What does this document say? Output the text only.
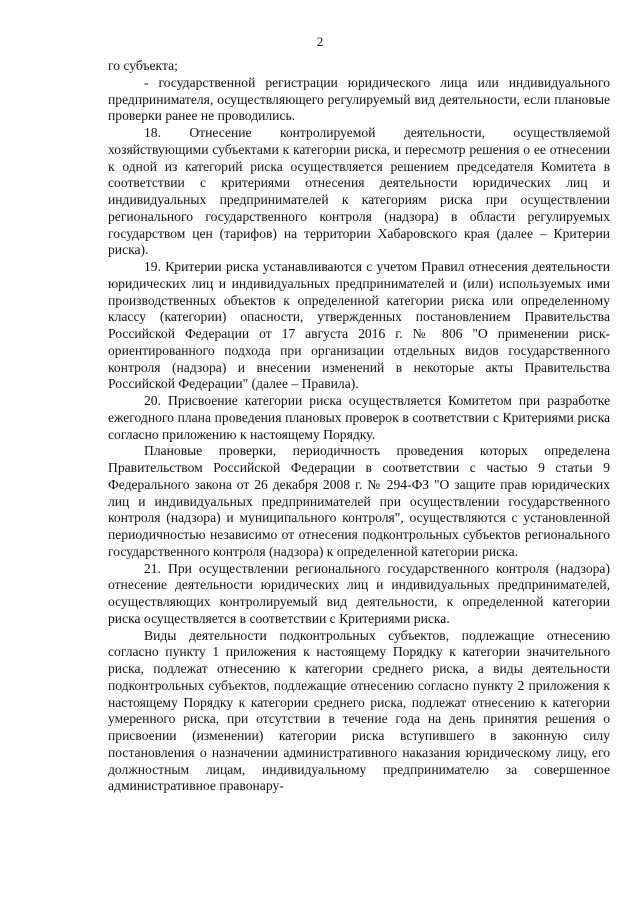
2

го субъекта;

- государственной регистрации юридического лица или индивидуального предпринимателя, осуществляющего регулируемый вид деятельности, если плановые проверки ранее не проводились.

18. Отнесение контролируемой деятельности, осуществляемой хозяйствующими субъектами к категории риска, и пересмотр решения о ее отнесении к одной из категорий риска осуществляется решением председателя Комитета в соответствии с критериями отнесения деятельности юридических лиц и индивидуальных предпринимателей к категориям риска при осуществлении регионального государственного контроля (надзора) в области регулируемых государством цен (тарифов) на территории Хабаровского края (далее – Критерии риска).

19. Критерии риска устанавливаются с учетом Правил отнесения деятельности юридических лиц и индивидуальных предпринимателей и (или) используемых ими производственных объектов к определенной категории риска или определенному классу (категории) опасности, утвержденных постановлением Правительства Российской Федерации от 17 августа 2016 г. № 806 "О применении риск-ориентированного подхода при организации отдельных видов государственного контроля (надзора) и внесении изменений в некоторые акты Правительства Российской Федерации" (далее – Правила).

20. Присвоение категории риска осуществляется Комитетом при разработке ежегодного плана проведения плановых проверок в соответствии с Критериями риска согласно приложению к настоящему Порядку.

Плановые проверки, периодичность проведения которых определена Правительством Российской Федерации в соответствии с частью 9 статьи 9 Федерального закона от 26 декабря 2008 г. № 294-ФЗ "О защите прав юридических лиц и индивидуальных предпринимателей при осуществлении государственного контроля (надзора) и муниципального контроля", осуществляются с установленной периодичностью независимо от отнесения подконтрольных субъектов регионального государственного контроля (надзора) к определенной категории риска.

21. При осуществлении регионального государственного контроля (надзора) отнесение деятельности юридических лиц и индивидуальных предпринимателей, осуществляющих контролируемый вид деятельности, к определенной категории риска осуществляется в соответствии с Критериями риска.

Виды деятельности подконтрольных субъектов, подлежащие отнесению согласно пункту 1 приложения к настоящему Порядку к категории значительного риска, подлежат отнесению к категории среднего риска, а виды деятельности подконтрольных субъектов, подлежащие отнесению согласно пункту 2 приложения к настоящему Порядку к категории среднего риска, подлежат отнесению к категории умеренного риска, при отсутствии в течение года на день принятия решения о присвоении (изменении) категории риска вступившего в законную силу постановления о назначении административного наказания юридическому лицу, его должностным лицам, индивидуальному предпринимателю за совершенное административное правонару-
